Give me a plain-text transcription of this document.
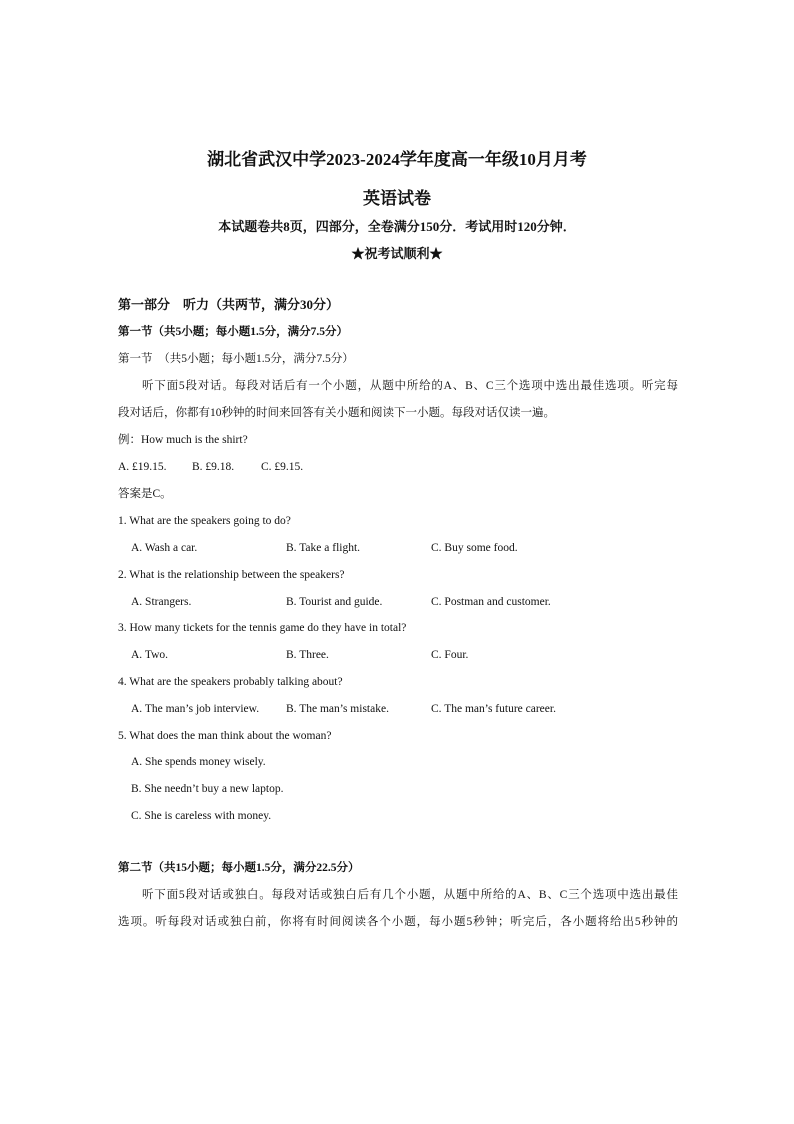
湖北省武汉中学2023-2024学年度高一年级10月月考
英语试卷
本试题卷共8页，四部分，全卷满分150分．考试用时120分钟．
★祝考试顺利★
第一部分　听力（共两节，满分30分）
第一节（共5小题；每小题1.5分，满分7.5分）
第一节　（共5小题；每小题1.5分，满分7.5分）
听下面5段对话。每段对话后有一个小题，从题中所给的A、B、C三个选项中选出最佳选项。听完每
段对话后，你都有10秒钟的时间来回答有关小题和阅读下一小题。每段对话仅读一遍。
例：How much is the shirt?
A. £19.15. B. £9.18. C. £9.15.
答案是C。
1. What are the speakers going to do?
A. Wash a car.	B. Take a flight.	C. Buy some food.
2. What is the relationship between the speakers?
A. Strangers.	B. Tourist and guide.	C. Postman and customer.
3. How many tickets for the tennis game do they have in total?
A. Two.	B. Three.	C. Four.
4. What are the speakers probably talking about?
A. The man’s job interview. B. The man’s mistake.	C. The man’s future career.
5. What does the man think about the woman?
A. She spends money wisely.
B. She needn’t buy a new laptop.
C. She is careless with money.
第二节（共15小题；每小题1.5分，满分22.5分）
听下面5段对话或独白。每段对话或独白后有几个小题，从题中所给的A、B、C三个选项中选出最佳
选项。听每段对话或独白前，你将有时间阅读各个小题，每小题5秒钟；听完后，各小题将给出5秒钟的
